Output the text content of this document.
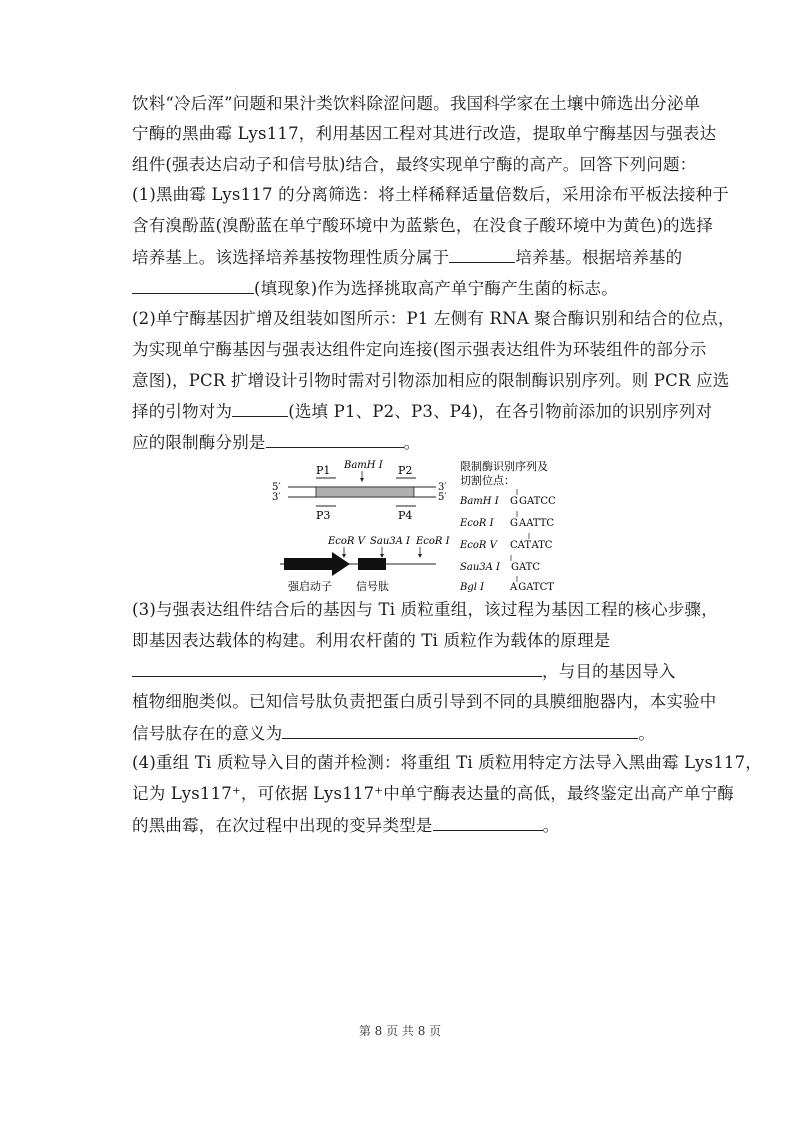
饮料“冷后浑”问题和果汁类饮料除涩问题。我国科学家在土壤中筛选出分泌单
宁酶的黑曲霉 Lys117，利用基因工程对其进行改造，提取单宁酶基因与强表达
组件(强表达启动子和信号肽)结合，最终实现单宁酶的高产。回答下列问题：
(1)黑曲霉 Lys117 的分离筛选：将土样稀释适量倍数后，采用涂布平板法接种于
含有溴酚蓝(溴酚蓝在单宁酸环境中为蓝紫色，在没食子酸环境中为黄色)的选择
培养基上。该选择培养基按物理性质分属于	培养基。根据培养基的
(填现象)作为选择挑取高产单宁酶产生菌的标志。
(2)单宁酶基因扩增及组装如图所示：P1 左侧有 RNA 聚合酶识别和结合的位点，
为实现单宁酶基因与强表达组件定向连接(图示强表达组件为环装组件的部分示
意图)，PCR 扩增设计引物时需对引物添加相应的限制酶识别序列。则 PCR 应选
择的引物对为	(选填 P1、P2、P3、P4)，在各引物前添加的识别序列对
应的限制酶分别是	。
5′
3′
3′
5′
P1	P2
P3	P4
BamH Ⅰ
EcoR Ⅴ Sau3A Ⅰ EcoR Ⅰ
强启动子 信号肽
限制酶识别序列及
切割位点：
BamH Ⅰ GGATCC
EcoR Ⅰ GAATTC
EcoR Ⅴ CATATC
Sau3A Ⅰ GATC
Bgl Ⅰ	AGATCT
(3)与强表达组件结合后的基因与 Ti 质粒重组，该过程为基因工程的核心步骤，
即基因表达载体的构建。利用农杆菌的 Ti 质粒作为载体的原理是
，与目的基因导入
植物细胞类似。已知信号肽负责把蛋白质引导到不同的具膜细胞器内，本实验中
信号肽存在的意义为	。
(4)重组 Ti 质粒导入目的菌并检测：将重组 Ti 质粒用特定方法导入黑曲霉 Lys117，
记为 Lys117⁺，可依据 Lys117⁺中单宁酶表达量的高低，最终鉴定出高产单宁酶
的黑曲霉，在次过程中出现的变异类型是	。
第 8 页 共 8 页
